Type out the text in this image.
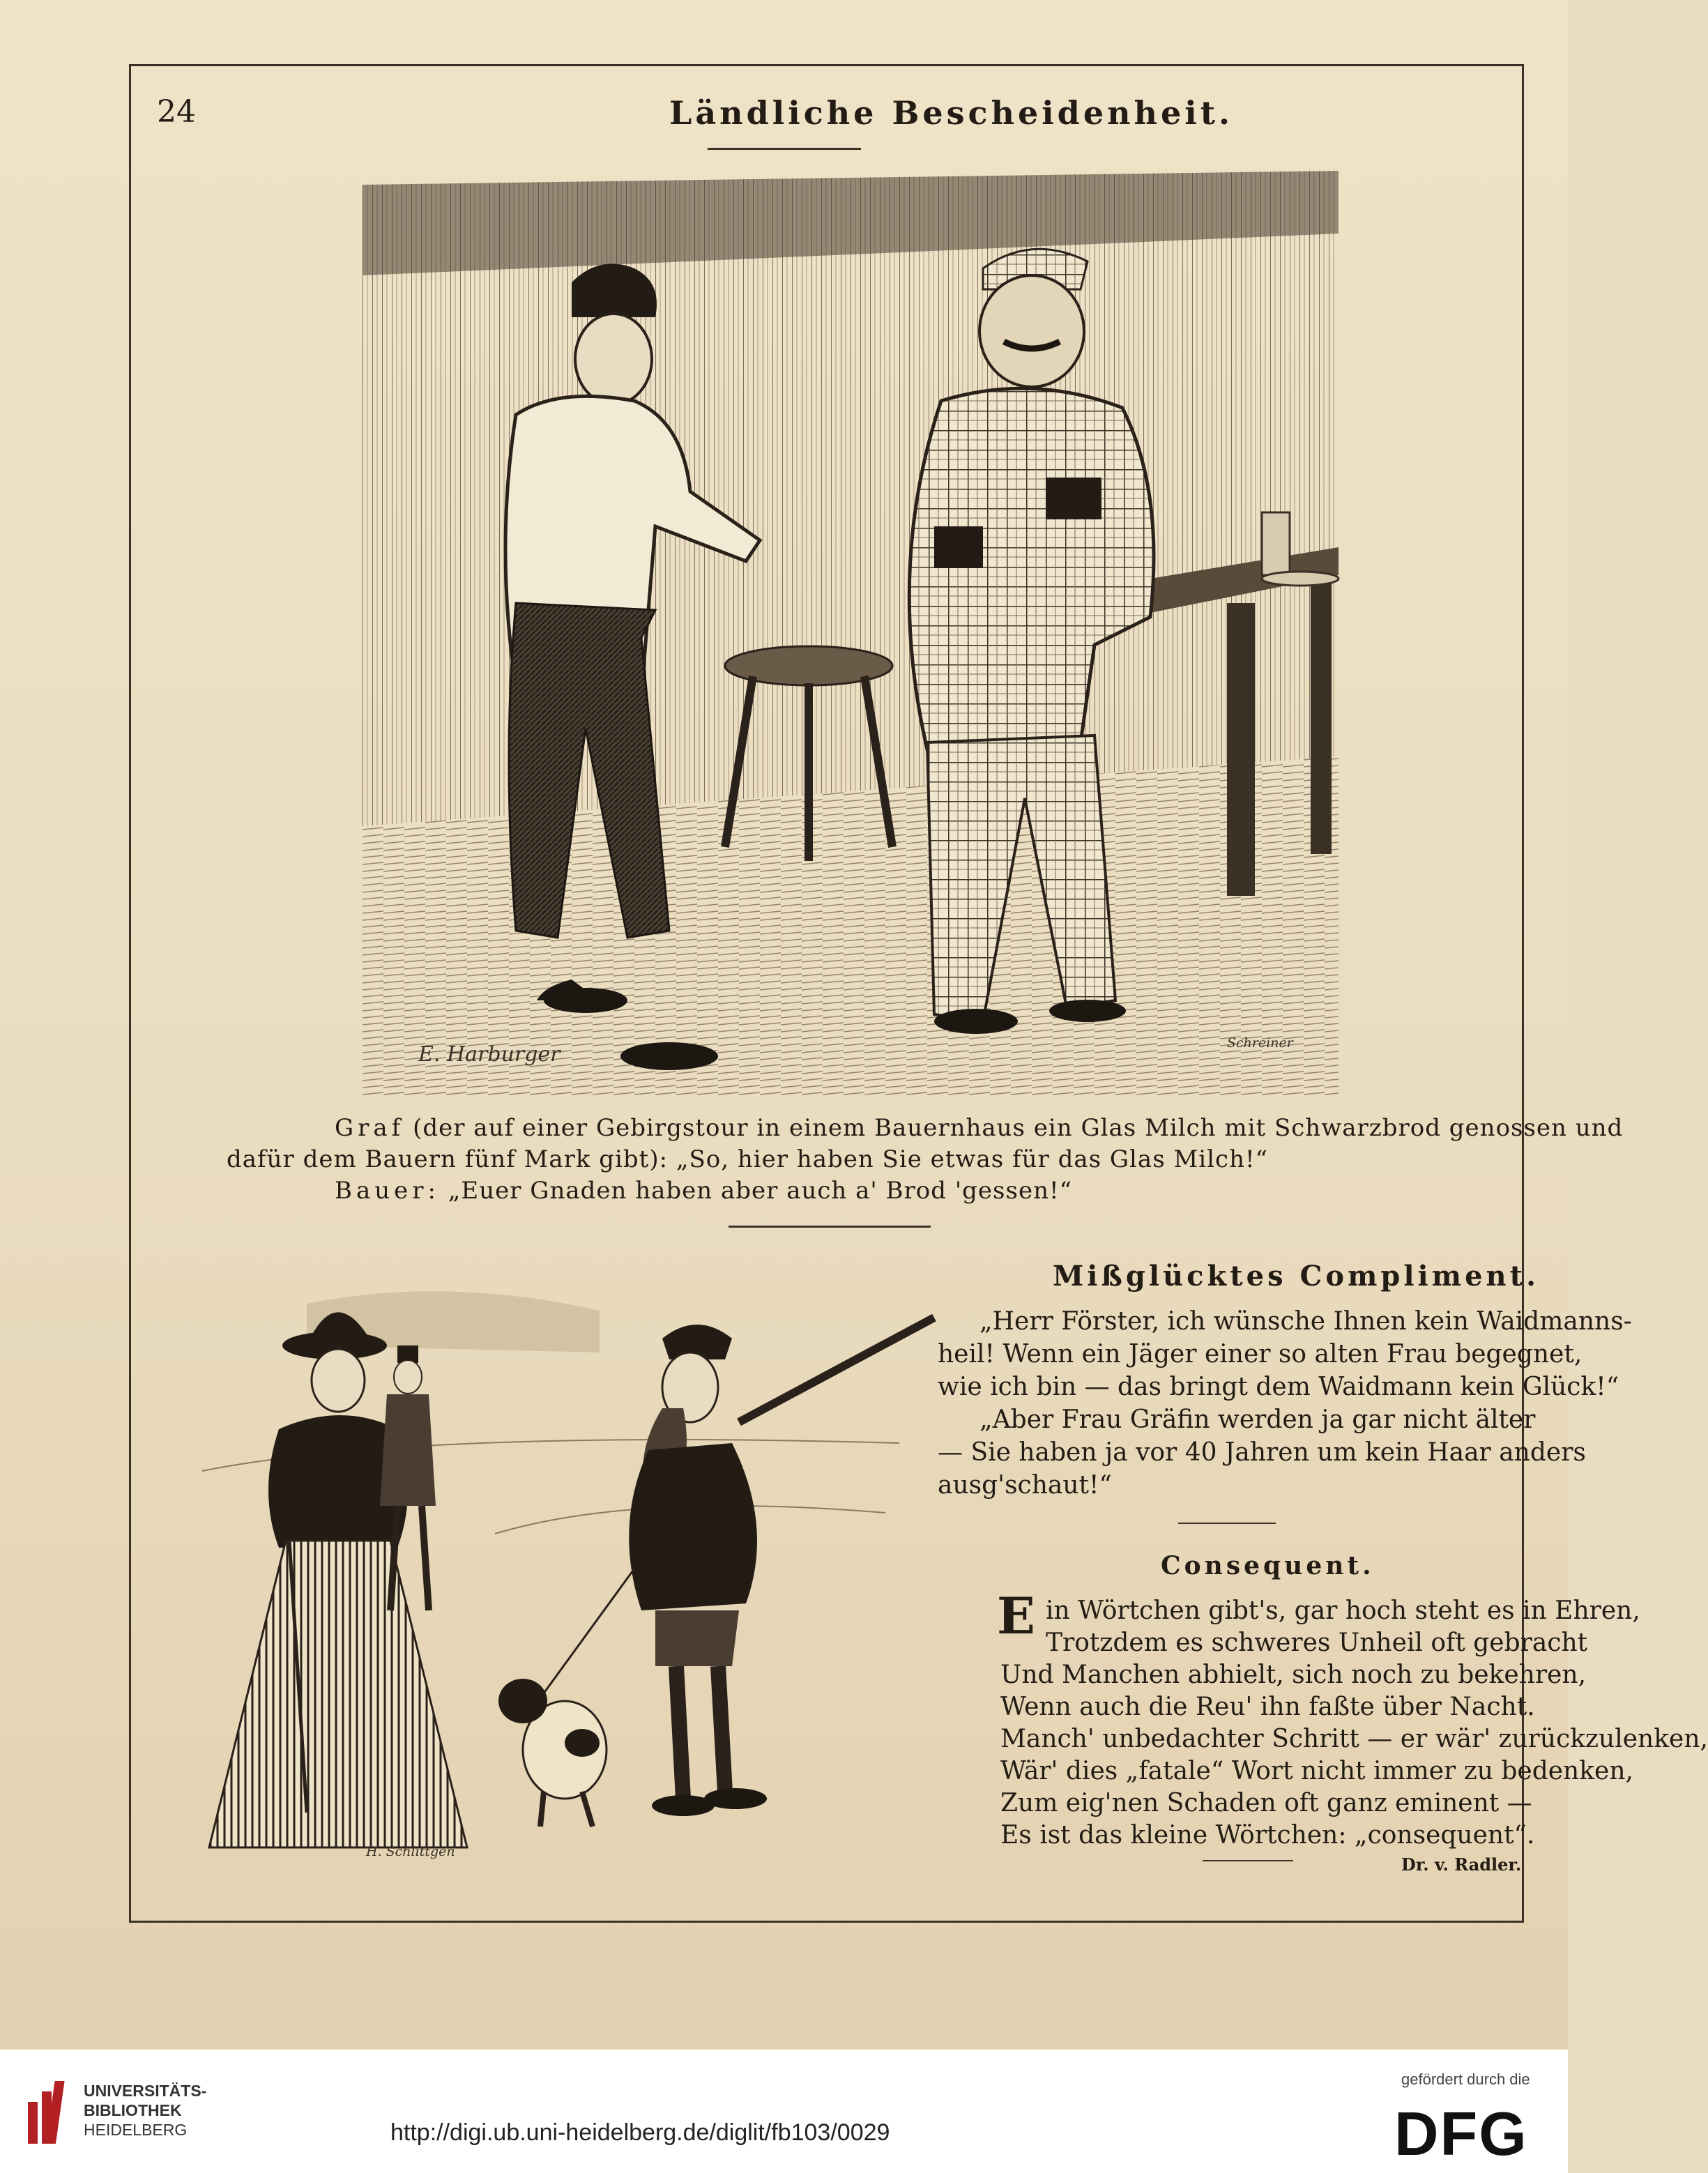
24	Ländliche Bescheidenheit.
E. Harburger	Schreiner
Graf (der auf einer Gebirgstour in einem Bauernhaus ein Glas Milch mit Schwarzbrod genossen und
dafür dem Bauern fünf Mark gibt): „So, hier haben Sie etwas für das Glas Milch!“
Bauer: „Euer Gnaden haben aber auch a' Brod 'gessen!“
H. Schlittgen
Mißglücktes Compliment.
„Herr Förster, ich wünsche Ihnen kein Waidmanns-
heil! Wenn ein Jäger einer so alten Frau begegnet,
wie ich bin — das bringt dem Waidmann kein Glück!“
„Aber Frau Gräfin werden ja gar nicht älter
— Sie haben ja vor 40 Jahren um kein Haar anders
ausg'schaut!“
Consequent.
E in Wörtchen gibt's, gar hoch steht es in Ehren,
Trotzdem es schweres Unheil oft gebracht
Und Manchen abhielt, sich noch zu bekehren,
Wenn auch die Reu' ihn faßte über Nacht.
Manch' unbedachter Schritt — er wär' zurückzulenken,
Wär' dies „fatale“ Wort nicht immer zu bedenken,
Zum eig'nen Schaden oft ganz eminent —
Es ist das kleine Wörtchen: „consequent“.
Dr. v. Radler.
UNIVERSITÄTS-
BIBLIOTHEK
HEIDELBERG	http://digi.ub.uni-heidelberg.de/diglit/fb103/0029
gefördert durch die
DFG
